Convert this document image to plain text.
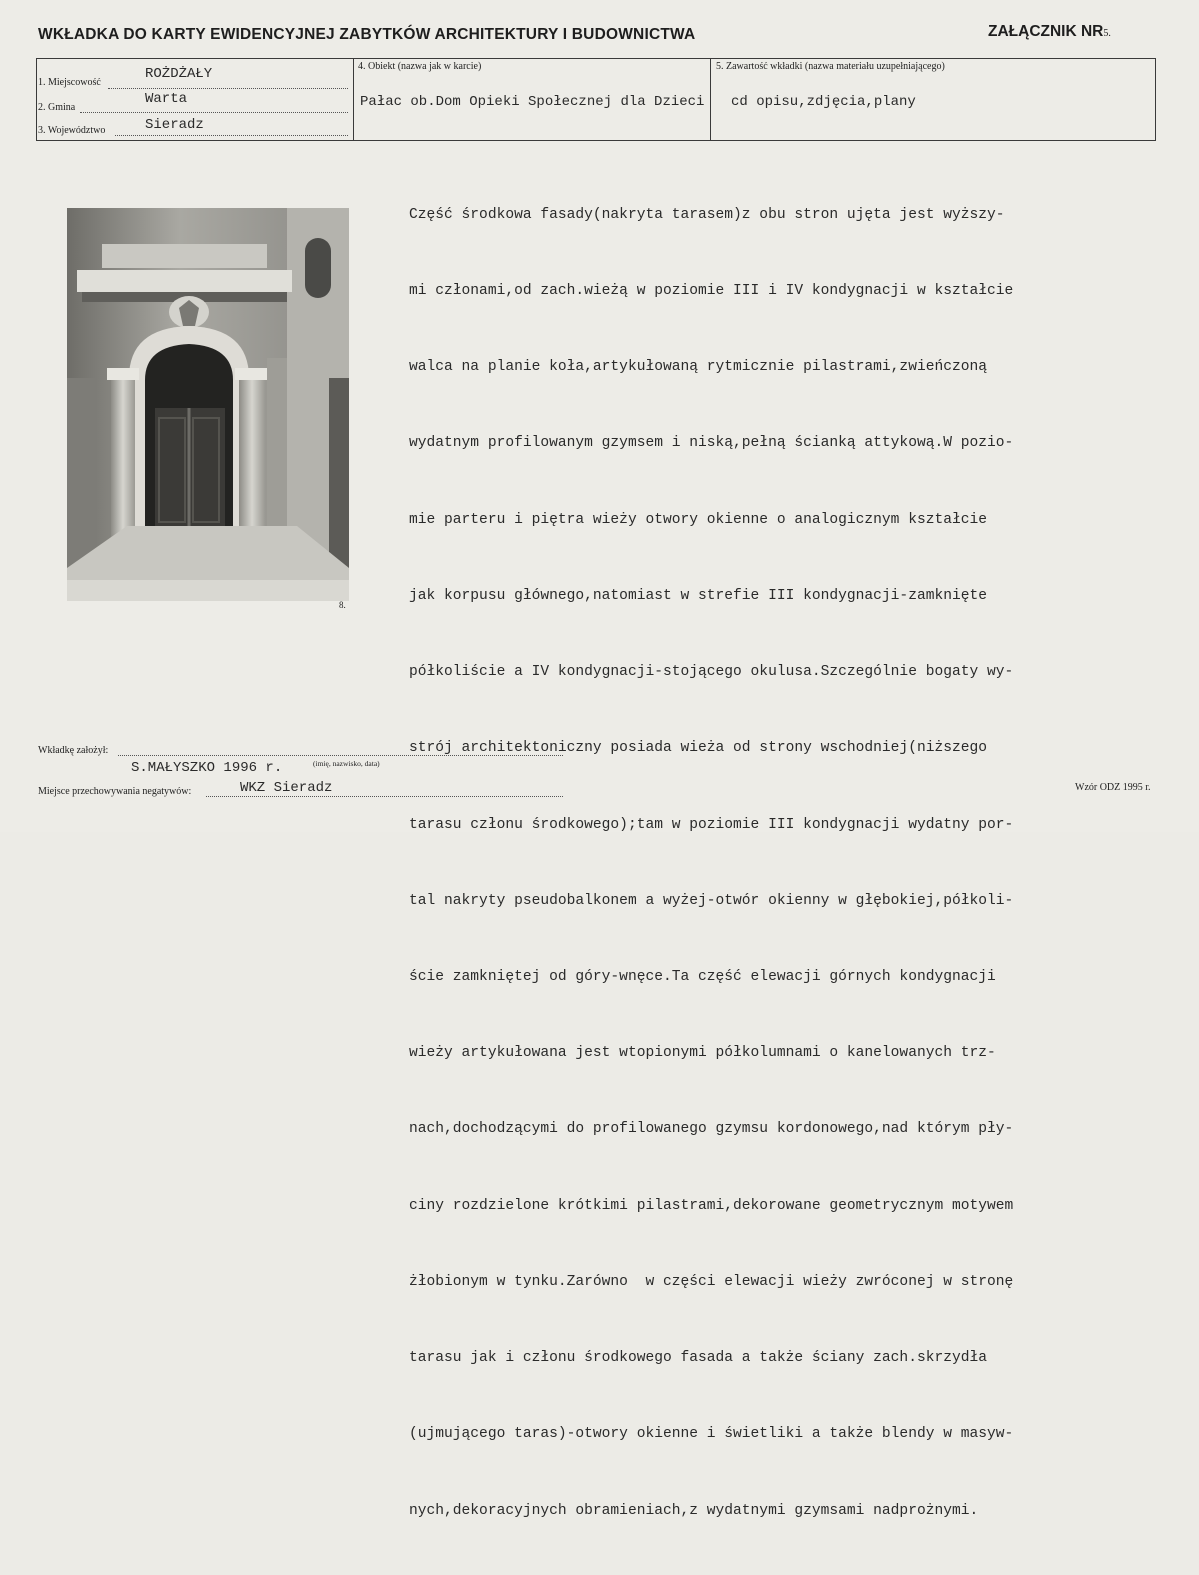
WKŁADKA DO KARTY EWIDENCYJNEJ ZABYTKÓW ARCHITEKTURY I BUDOWNICTWA	ZAŁĄCZNIK NR5.
1. Miejscowość
ROŻDŻAŁY
2. Gmina
Warta
3. Województwo	Sieradz
4. Obiekt (nazwa jak w karcie)
Pałac ob.Dom Opieki Społecznej dla Dzieci
5. Zawartość wkładki (nazwa materiału uzupełniającego)
cd opisu,zdjęcia,plany
8.

Część środkowa fasady(nakryta tarasem)z obu stron ujęta jest wyższy-

mi członami,od zach.wieżą w poziomie III i IV kondygnacji w kształcie

walca na planie koła,artykułowaną rytmicznie pilastrami,zwieńczoną

wydatnym profilowanym gzymsem i niską,pełną ścianką attykową.W pozio-

mie parteru i piętra wieży otwory okienne o analogicznym kształcie

jak korpusu głównego,natomiast w strefie III kondygnacji-zamknięte

półkoliście a IV kondygnacji-stojącego okulusa.Szczególnie bogaty wy-

strój architektoniczny posiada wieża od strony wschodniej(niższego

tarasu członu środkowego);tam w poziomie III kondygnacji wydatny por-

tal nakryty pseudobalkonem a wyżej-otwór okienny w głębokiej,półkoli-

ście zamkniętej od góry-wnęce.Ta część elewacji górnych kondygnacji

wieży artykułowana jest wtopionymi półkolumnami o kanelowanych trz-

nach,dochodzącymi do profilowanego gzymsu kordonowego,nad którym pły-

ciny rozdzielone krótkimi pilastrami,dekorowane geometrycznym motywem

żłobionym w tynku.Zarówno  w części elewacji wieży zwróconej w stronę

tarasu jak i członu środkowego fasada a także ściany zach.skrzydła

(ujmującego taras)-otwory okienne i świetliki a także blendy w masyw-

nych,dekoracyjnych obramieniach,z wydatnymi gzymsami nadprożnymi.

Wkładkę założył:
S.MAŁYSZKO 1996 r.	(imię, nazwisko, data)
Miejsce przechowywania negatywów:	WKZ Sieradz	Wzór ODZ 1995 r.
